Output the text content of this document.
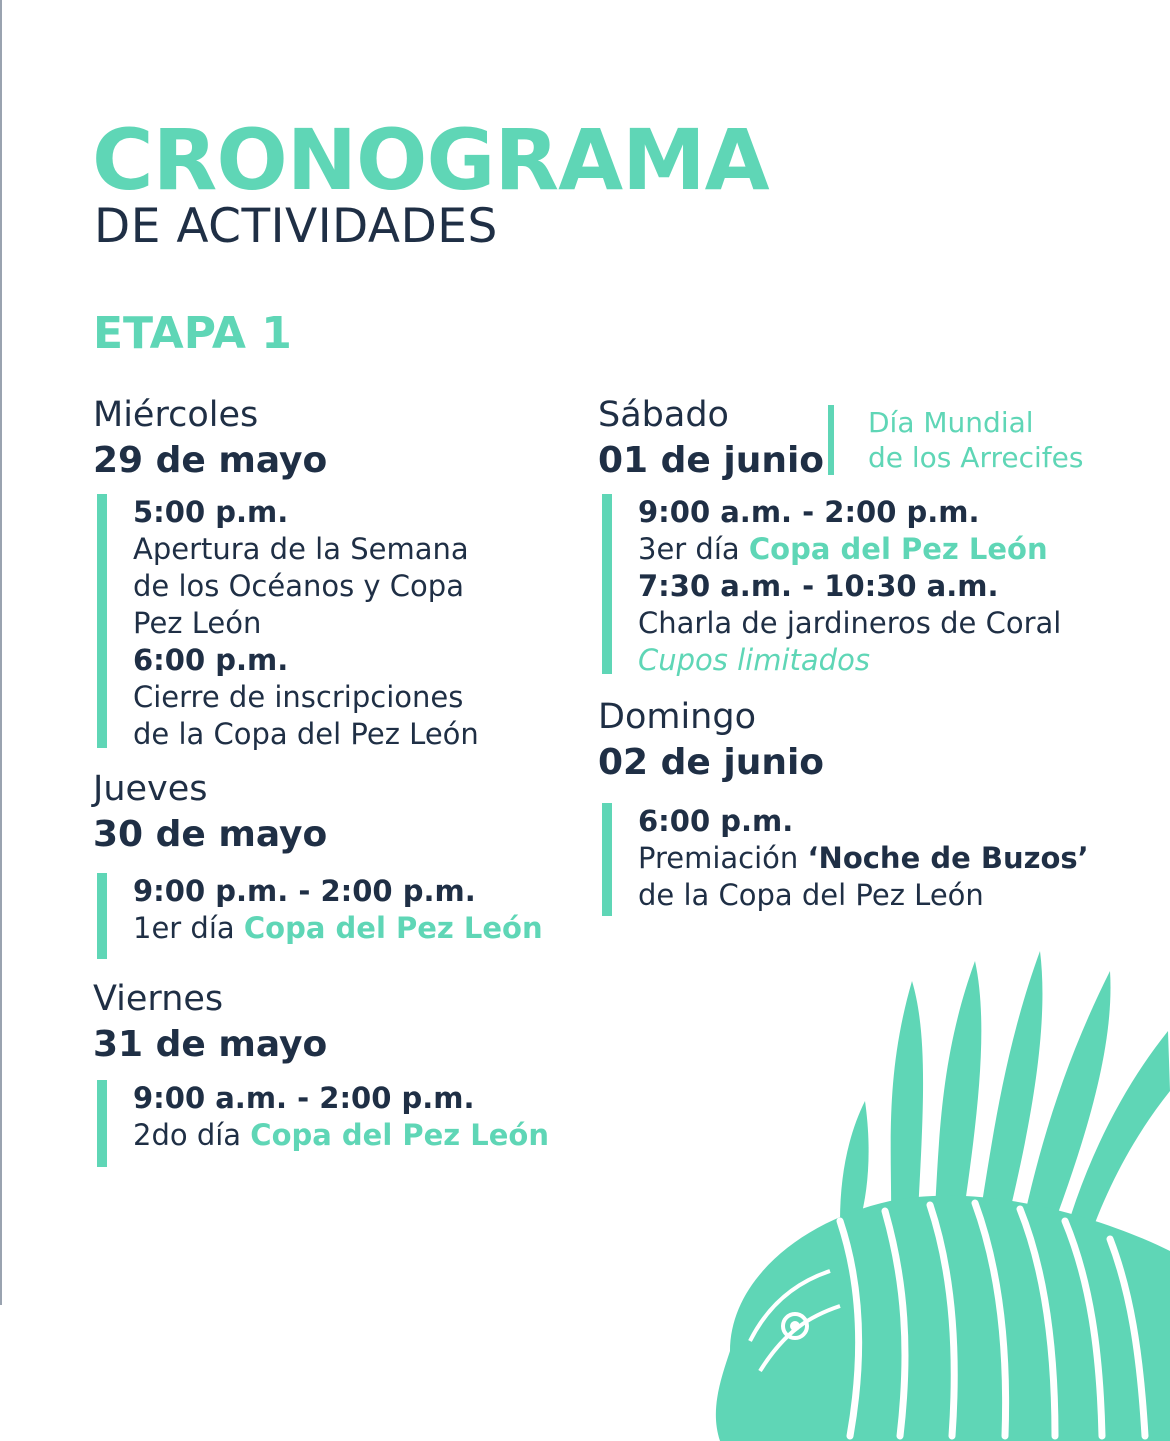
CRONOGRAMA
DE ACTIVIDADES
ETAPA 1
Miércoles
29 de mayo
5:00 p.m.
Apertura de la Semana
de los Océanos y Copa
Pez León
6:00 p.m.
Cierre de inscripciones
de la Copa del Pez León
Jueves
30 de mayo
9:00 p.m. - 2:00 p.m.
1er día Copa del Pez León
Viernes
31 de mayo
9:00 a.m. - 2:00 p.m.
2do día Copa del Pez León
Sábado
01 de junio
Día Mundial
de los Arrecifes
9:00 a.m. - 2:00 p.m.
3er día Copa del Pez León
7:30 a.m. - 10:30 a.m.
Charla de jardineros de Coral
Cupos limitados
Domingo
02 de junio
6:00 p.m.
Premiación ‘Noche de Buzos’
de la Copa del Pez León
